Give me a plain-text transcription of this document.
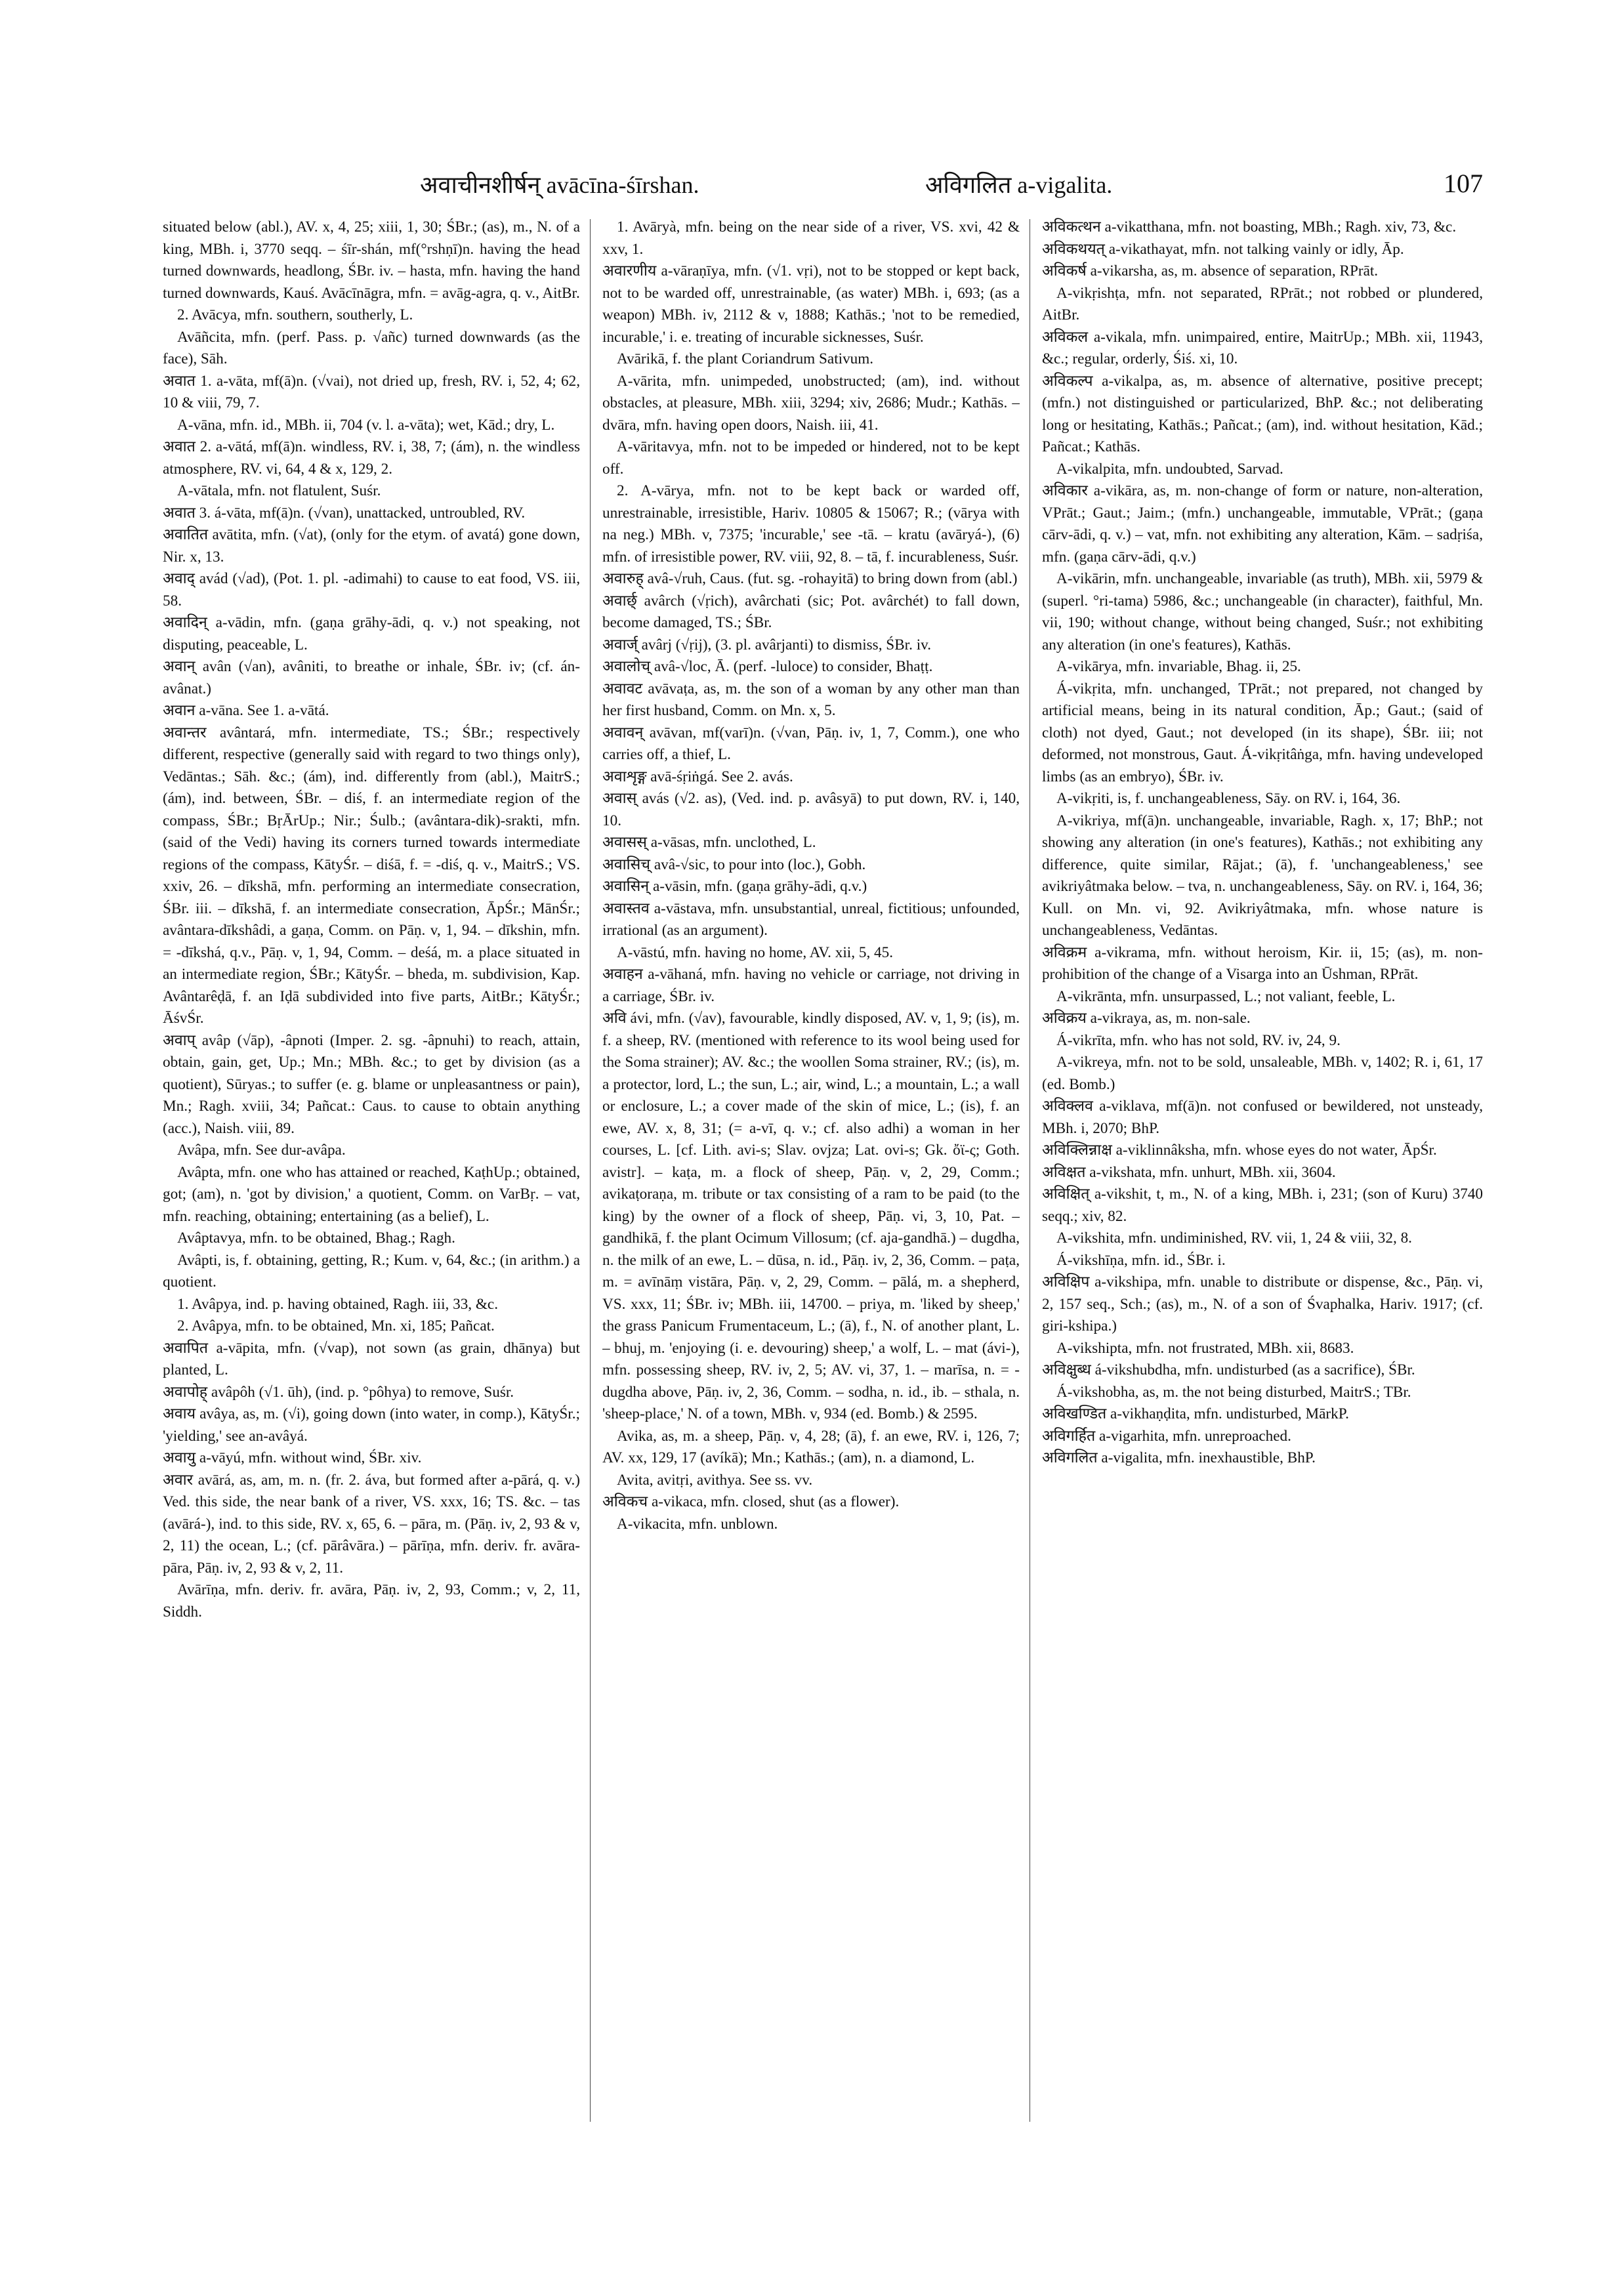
अवाचीनशीर्षन् avācīna-śīrshan.	अविगलित a-vigalita.	107

situated below (abl.), AV. x, 4, 25; xiii, 1, 30; ŚBr.; (as), m., N. of a king, MBh. i, 3770 seqq. – śīr-shán, mf(°rshṇī)n. having the head turned downwards, headlong, ŚBr. iv. – hasta, mfn. having the hand turned downwards, Kauś. Avācīnāgra, mfn. = avāg-agra, q. v., AitBr.

2. Avācya, mfn. southern, southerly, L.

Avāñcita, mfn. (perf. Pass. p. √añc) turned downwards (as the face), Sāh.

अवात 1. a-vāta, mf(ā)n. (√vai), not dried up, fresh, RV. i, 52, 4; 62, 10 & viii, 79, 7.

A-vāna, mfn. id., MBh. ii, 704 (v. l. a-vāta); wet, Kād.; dry, L.

अवात 2. a-vātá, mf(ā)n. windless, RV. i, 38, 7; (ám), n. the windless atmosphere, RV. vi, 64, 4 & x, 129, 2.

A-vātala, mfn. not flatulent, Suśr.

अवात 3. á-vāta, mf(ā)n. (√van), unattacked, untroubled, RV.

अवातित avātita, mfn. (√at), (only for the etym. of avatá) gone down, Nir. x, 13.

अवाद् avád (√ad), (Pot. 1. pl. -adimahi) to cause to eat food, VS. iii, 58.

अवादिन् a-vādin, mfn. (gaṇa grāhy-ādi, q. v.) not speaking, not disputing, peaceable, L.

अवान् avân (√an), avâniti, to breathe or inhale, ŚBr. iv; (cf. án-avânat.)

अवान a-vāna. See 1. a-vātá.

अवान्तर avântará, mfn. intermediate, TS.; ŚBr.; respectively different, respective (generally said with regard to two things only), Vedāntas.; Sāh. &c.; (ám), ind. differently from (abl.), MaitrS.; (ám), ind. between, ŚBr. – diś, f. an intermediate region of the compass, ŚBr.; BṛĀrUp.; Nir.; Śulb.; (avântara-dik)-srakti, mfn. (said of the Vedi) having its corners turned towards intermediate regions of the compass, KātyŚr. – diśā, f. = -diś, q. v., MaitrS.; VS. xxiv, 26. – dīkshā, mfn. performing an intermediate consecration, ŚBr. iii. – dīkshā, f. an intermediate consecration, ĀpŚr.; MānŚr.; avântara-dīkshâdi, a gaṇa, Comm. on Pāṇ. v, 1, 94. – dīkshin, mfn. = -dīkshá, q.v., Pāṇ. v, 1, 94, Comm. – deśá, m. a place situated in an intermediate region, ŚBr.; KātyŚr. – bheda, m. subdivision, Kap. Avântarêḍā, f. an Iḍā subdivided into five parts, AitBr.; KātyŚr.; ĀśvŚr.

अवाप् avâp (√āp), -âpnoti (Imper. 2. sg. -âpnuhi) to reach, attain, obtain, gain, get, Up.; Mn.; MBh. &c.; to get by division (as a quotient), Sūryas.; to suffer (e. g. blame or unpleasantness or pain), Mn.; Ragh. xviii, 34; Pañcat.: Caus. to cause to obtain anything (acc.), Naish. viii, 89.

Avâpa, mfn. See dur-avâpa.

Avâpta, mfn. one who has attained or reached, KaṭhUp.; obtained, got; (am), n. 'got by division,' a quotient, Comm. on VarBṛ. – vat, mfn. reaching, obtaining; entertaining (as a belief), L.

Avâptavya, mfn. to be obtained, Bhag.; Ragh.

Avâpti, is, f. obtaining, getting, R.; Kum. v, 64, &c.; (in arithm.) a quotient.

1. Avâpya, ind. p. having obtained, Ragh. iii, 33, &c.

2. Avâpya, mfn. to be obtained, Mn. xi, 185; Pañcat.

अवापित a-vāpita, mfn. (√vap), not sown (as grain, dhānya) but planted, L.

अवापोह् avâpôh (√1. ūh), (ind. p. °pôhya) to remove, Suśr.

अवाय avâya, as, m. (√i), going down (into water, in comp.), KātyŚr.; 'yielding,' see an-avâyá.

अवायु a-vāyú, mfn. without wind, ŚBr. xiv.

अवार avārá, as, am, m. n. (fr. 2. áva, but formed after a-pārá, q. v.) Ved. this side, the near bank of a river, VS. xxx, 16; TS. &c. – tas (avārá-), ind. to this side, RV. x, 65, 6. – pāra, m. (Pāṇ. iv, 2, 93 & v, 2, 11) the ocean, L.; (cf. pārâvāra.) – pārīṇa, mfn. deriv. fr. avāra-pāra, Pāṇ. iv, 2, 93 & v, 2, 11.

Avārīṇa, mfn. deriv. fr. avāra, Pāṇ. iv, 2, 93, Comm.; v, 2, 11, Siddh.

1. Avāryà, mfn. being on the near side of a river, VS. xvi, 42 & xxv, 1.

अवारणीय a-vāraṇīya, mfn. (√1. vṛi), not to be stopped or kept back, not to be warded off, unrestrainable, (as water) MBh. i, 693; (as a weapon) MBh. iv, 2112 & v, 1888; Kathās.; 'not to be remedied, incurable,' i. e. treating of incurable sicknesses, Suśr.

Avārikā, f. the plant Coriandrum Sativum.

A-vārita, mfn. unimpeded, unobstructed; (am), ind. without obstacles, at pleasure, MBh. xiii, 3294; xiv, 2686; Mudr.; Kathās. – dvāra, mfn. having open doors, Naish. iii, 41.

A-vāritavya, mfn. not to be impeded or hindered, not to be kept off.

2. A-vārya, mfn. not to be kept back or warded off, unrestrainable, irresistible, Hariv. 10805 & 15067; R.; (vārya with na neg.) MBh. v, 7375; 'incurable,' see -tā. – kratu (avāryá-), (6) mfn. of irresistible power, RV. viii, 92, 8. – tā, f. incurableness, Suśr.

अवारुह् avâ-√ruh, Caus. (fut. sg. -rohayitā) to bring down from (abl.)

अवार्छ् avârch (√ṛich), avârchati (sic; Pot. avârchét) to fall down, become damaged, TS.; ŚBr.

अवार्ज् avârj (√ṛij), (3. pl. avârjanti) to dismiss, ŚBr. iv.

अवालोच् avâ-√loc, Ā. (perf. -luloce) to consider, Bhaṭṭ.

अवावट avāvaṭa, as, m. the son of a woman by any other man than her first husband, Comm. on Mn. x, 5.

अवावन् avāvan, mf(varī)n. (√van, Pāṇ. iv, 1, 7, Comm.), one who carries off, a thief, L.

अवाशृङ्ग avā-śṛiṅgá. See 2. avás.

अवास् avás (√2. as), (Ved. ind. p. avâsyā) to put down, RV. i, 140, 10.

अवासस् a-vāsas, mfn. unclothed, L.

अवासिच् avâ-√sic, to pour into (loc.), Gobh.

अवासिन् a-vāsin, mfn. (gaṇa grāhy-ādi, q.v.)

अवास्तव a-vāstava, mfn. unsubstantial, unreal, fictitious; unfounded, irrational (as an argument).

A-vāstú, mfn. having no home, AV. xii, 5, 45.

अवाहन a-vāhaná, mfn. having no vehicle or carriage, not driving in a carriage, ŚBr. iv.

अवि ávi, mfn. (√av), favourable, kindly disposed, AV. v, 1, 9; (is), m. f. a sheep, RV. (mentioned with reference to its wool being used for the Soma strainer); AV. &c.; the woollen Soma strainer, RV.; (is), m. a protector, lord, L.; the sun, L.; air, wind, L.; a mountain, L.; a wall or enclosure, L.; a cover made of the skin of mice, L.; (is), f. an ewe, AV. x, 8, 31; (= a-vī, q. v.; cf. also adhi) a woman in her courses, L. [cf. Lith. avi-s; Slav. ovjza; Lat. ovi-s; Gk. ὄϊ-ς; Goth. avistr]. – kaṭa, m. a flock of sheep, Pāṇ. v, 2, 29, Comm.; avikaṭoraṇa, m. tribute or tax consisting of a ram to be paid (to the king) by the owner of a flock of sheep, Pāṇ. vi, 3, 10, Pat. – gandhikā, f. the plant Ocimum Villosum; (cf. aja-gandhā.) – dugdha, n. the milk of an ewe, L. – dūsa, n. id., Pāṇ. iv, 2, 36, Comm. – paṭa, m. = avīnāṃ vistāra, Pāṇ. v, 2, 29, Comm. – pālá, m. a shepherd, VS. xxx, 11; ŚBr. iv; MBh. iii, 14700. – priya, m. 'liked by sheep,' the grass Panicum Frumentaceum, L.; (ā), f., N. of another plant, L. – bhuj, m. 'enjoying (i. e. devouring) sheep,' a wolf, L. – mat (ávi-), mfn. possessing sheep, RV. iv, 2, 5; AV. vi, 37, 1. – marīsa, n. = -dugdha above, Pāṇ. iv, 2, 36, Comm. – sodha, n. id., ib. – sthala, n. 'sheep-place,' N. of a town, MBh. v, 934 (ed. Bomb.) & 2595.

Avika, as, m. a sheep, Pāṇ. v, 4, 28; (ā), f. an ewe, RV. i, 126, 7; AV. xx, 129, 17 (avíkā); Mn.; Kathās.; (am), n. a diamond, L.

Avita, avitṛi, avithya. See ss. vv.

अविकच a-vikaca, mfn. closed, shut (as a flower).

A-vikacita, mfn. unblown.

अविकत्थन a-vikatthana, mfn. not boasting, MBh.; Ragh. xiv, 73, &c.

अविकथयत् a-vikathayat, mfn. not talking vainly or idly, Āp.

अविकर्ष a-vikarsha, as, m. absence of separation, RPrāt.

A-vikṛishṭa, mfn. not separated, RPrāt.; not robbed or plundered, AitBr.

अविकल a-vikala, mfn. unimpaired, entire, MaitrUp.; MBh. xii, 11943, &c.; regular, orderly, Śiś. xi, 10.

अविकल्प a-vikalpa, as, m. absence of alternative, positive precept; (mfn.) not distinguished or particularized, BhP. &c.; not deliberating long or hesitating, Kathās.; Pañcat.; (am), ind. without hesitation, Kād.; Pañcat.; Kathās.

A-vikalpita, mfn. undoubted, Sarvad.

अविकार a-vikāra, as, m. non-change of form or nature, non-alteration, VPrāt.; Gaut.; Jaim.; (mfn.) unchangeable, immutable, VPrāt.; (gaṇa cārv-ādi, q. v.) – vat, mfn. not exhibiting any alteration, Kām. – sadṛiśa, mfn. (gaṇa cārv-ādi, q.v.)

A-vikārin, mfn. unchangeable, invariable (as truth), MBh. xii, 5979 & (superl. °ri-tama) 5986, &c.; unchangeable (in character), faithful, Mn. vii, 190; without change, without being changed, Suśr.; not exhibiting any alteration (in one's features), Kathās.

A-vikārya, mfn. invariable, Bhag. ii, 25.

Á-vikṛita, mfn. unchanged, TPrāt.; not prepared, not changed by artificial means, being in its natural condition, Āp.; Gaut.; (said of cloth) not dyed, Gaut.; not developed (in its shape), ŚBr. iii; not deformed, not monstrous, Gaut. Á-vikṛitâṅga, mfn. having undeveloped limbs (as an embryo), ŚBr. iv.

A-vikṛiti, is, f. unchangeableness, Sāy. on RV. i, 164, 36.

A-vikriya, mf(ā)n. unchangeable, invariable, Ragh. x, 17; BhP.; not showing any alteration (in one's features), Kathās.; not exhibiting any difference, quite similar, Rājat.; (ā), f. 'unchangeableness,' see avikriyâtmaka below. – tva, n. unchangeableness, Sāy. on RV. i, 164, 36; Kull. on Mn. vi, 92. Avikriyâtmaka, mfn. whose nature is unchangeableness, Vedāntas.

अविक्रम a-vikrama, mfn. without heroism, Kir. ii, 15; (as), m. non-prohibition of the change of a Visarga into an Ūshman, RPrāt.

A-vikrānta, mfn. unsurpassed, L.; not valiant, feeble, L.

अविक्रय a-vikraya, as, m. non-sale.

Á-vikrīta, mfn. who has not sold, RV. iv, 24, 9.

A-vikreya, mfn. not to be sold, unsaleable, MBh. v, 1402; R. i, 61, 17 (ed. Bomb.)

अविक्लव a-viklava, mf(ā)n. not confused or bewildered, not unsteady, MBh. i, 2070; BhP.

अविक्लिन्नाक्ष a-viklinnâksha, mfn. whose eyes do not water, ĀpŚr.

अविक्षत a-vikshata, mfn. unhurt, MBh. xii, 3604.

अविक्षित् a-vikshit, t, m., N. of a king, MBh. i, 231; (son of Kuru) 3740 seqq.; xiv, 82.

A-vikshita, mfn. undiminished, RV. vii, 1, 24 & viii, 32, 8.

Á-vikshīṇa, mfn. id., ŚBr. i.

अविक्षिप a-vikshipa, mfn. unable to distribute or dispense, &c., Pāṇ. vi, 2, 157 seq., Sch.; (as), m., N. of a son of Śvaphalka, Hariv. 1917; (cf. giri-kshipa.)

A-vikshipta, mfn. not frustrated, MBh. xii, 8683.

अविक्षुब्ध á-vikshubdha, mfn. undisturbed (as a sacrifice), ŚBr.

Á-vikshobha, as, m. the not being disturbed, MaitrS.; TBr.

अविखण्डित a-vikhaṇḍita, mfn. undisturbed, MārkP.

अविगर्हित a-vigarhita, mfn. unreproached.

अविगलित a-vigalita, mfn. inexhaustible, BhP.
